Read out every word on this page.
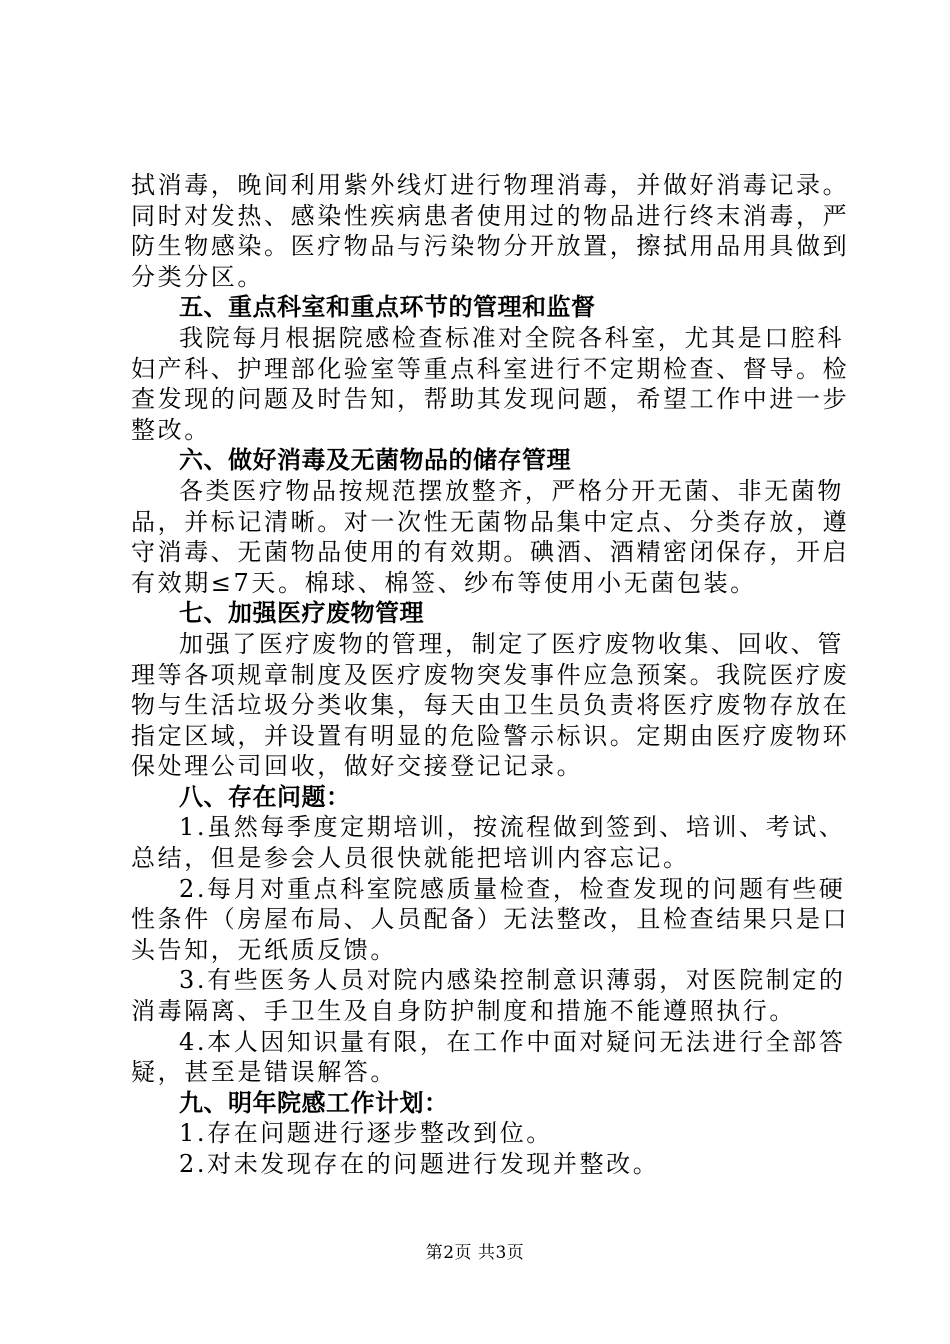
拭消毒，晚间利用紫外线灯进行物理消毒，并做好消毒记录。
同时对发热、感染性疾病患者使用过的物品进行终末消毒，严
防生物感染。医疗物品与污染物分开放置，擦拭用品用具做到
分类分区。
五、重点科室和重点环节的管理和监督
我院每月根据院感检查标准对全院各科室，尤其是口腔科
妇产科、护理部化验室等重点科室进行不定期检查、督导。检
查发现的问题及时告知，帮助其发现问题，希望工作中进一步
整改。
六、做好消毒及无菌物品的储存管理
各类医疗物品按规范摆放整齐，严格分开无菌、非无菌物
品，并标记清晰。对一次性无菌物品集中定点、分类存放，遵
守消毒、无菌物品使用的有效期。碘酒、酒精密闭保存，开启
有效期≤7天。棉球、棉签、纱布等使用小无菌包装。
七、加强医疗废物管理
加强了医疗废物的管理，制定了医疗废物收集、回收、管
理等各项规章制度及医疗废物突发事件应急预案。我院医疗废
物与生活垃圾分类收集，每天由卫生员负责将医疗废物存放在
指定区域，并设置有明显的危险警示标识。定期由医疗废物环
保处理公司回收，做好交接登记记录。
八、存在问题：
1.虽然每季度定期培训，按流程做到签到、培训、考试、
总结，但是参会人员很快就能把培训内容忘记。
2.每月对重点科室院感质量检查，检查发现的问题有些硬
性条件（房屋布局、人员配备）无法整改，且检查结果只是口
头告知，无纸质反馈。
3.有些医务人员对院内感染控制意识薄弱，对医院制定的
消毒隔离、手卫生及自身防护制度和措施不能遵照执行。
4.本人因知识量有限，在工作中面对疑问无法进行全部答
疑，甚至是错误解答。
九、明年院感工作计划：
1.存在问题进行逐步整改到位。
2.对未发现存在的问题进行发现并整改。
第2页 共3页
